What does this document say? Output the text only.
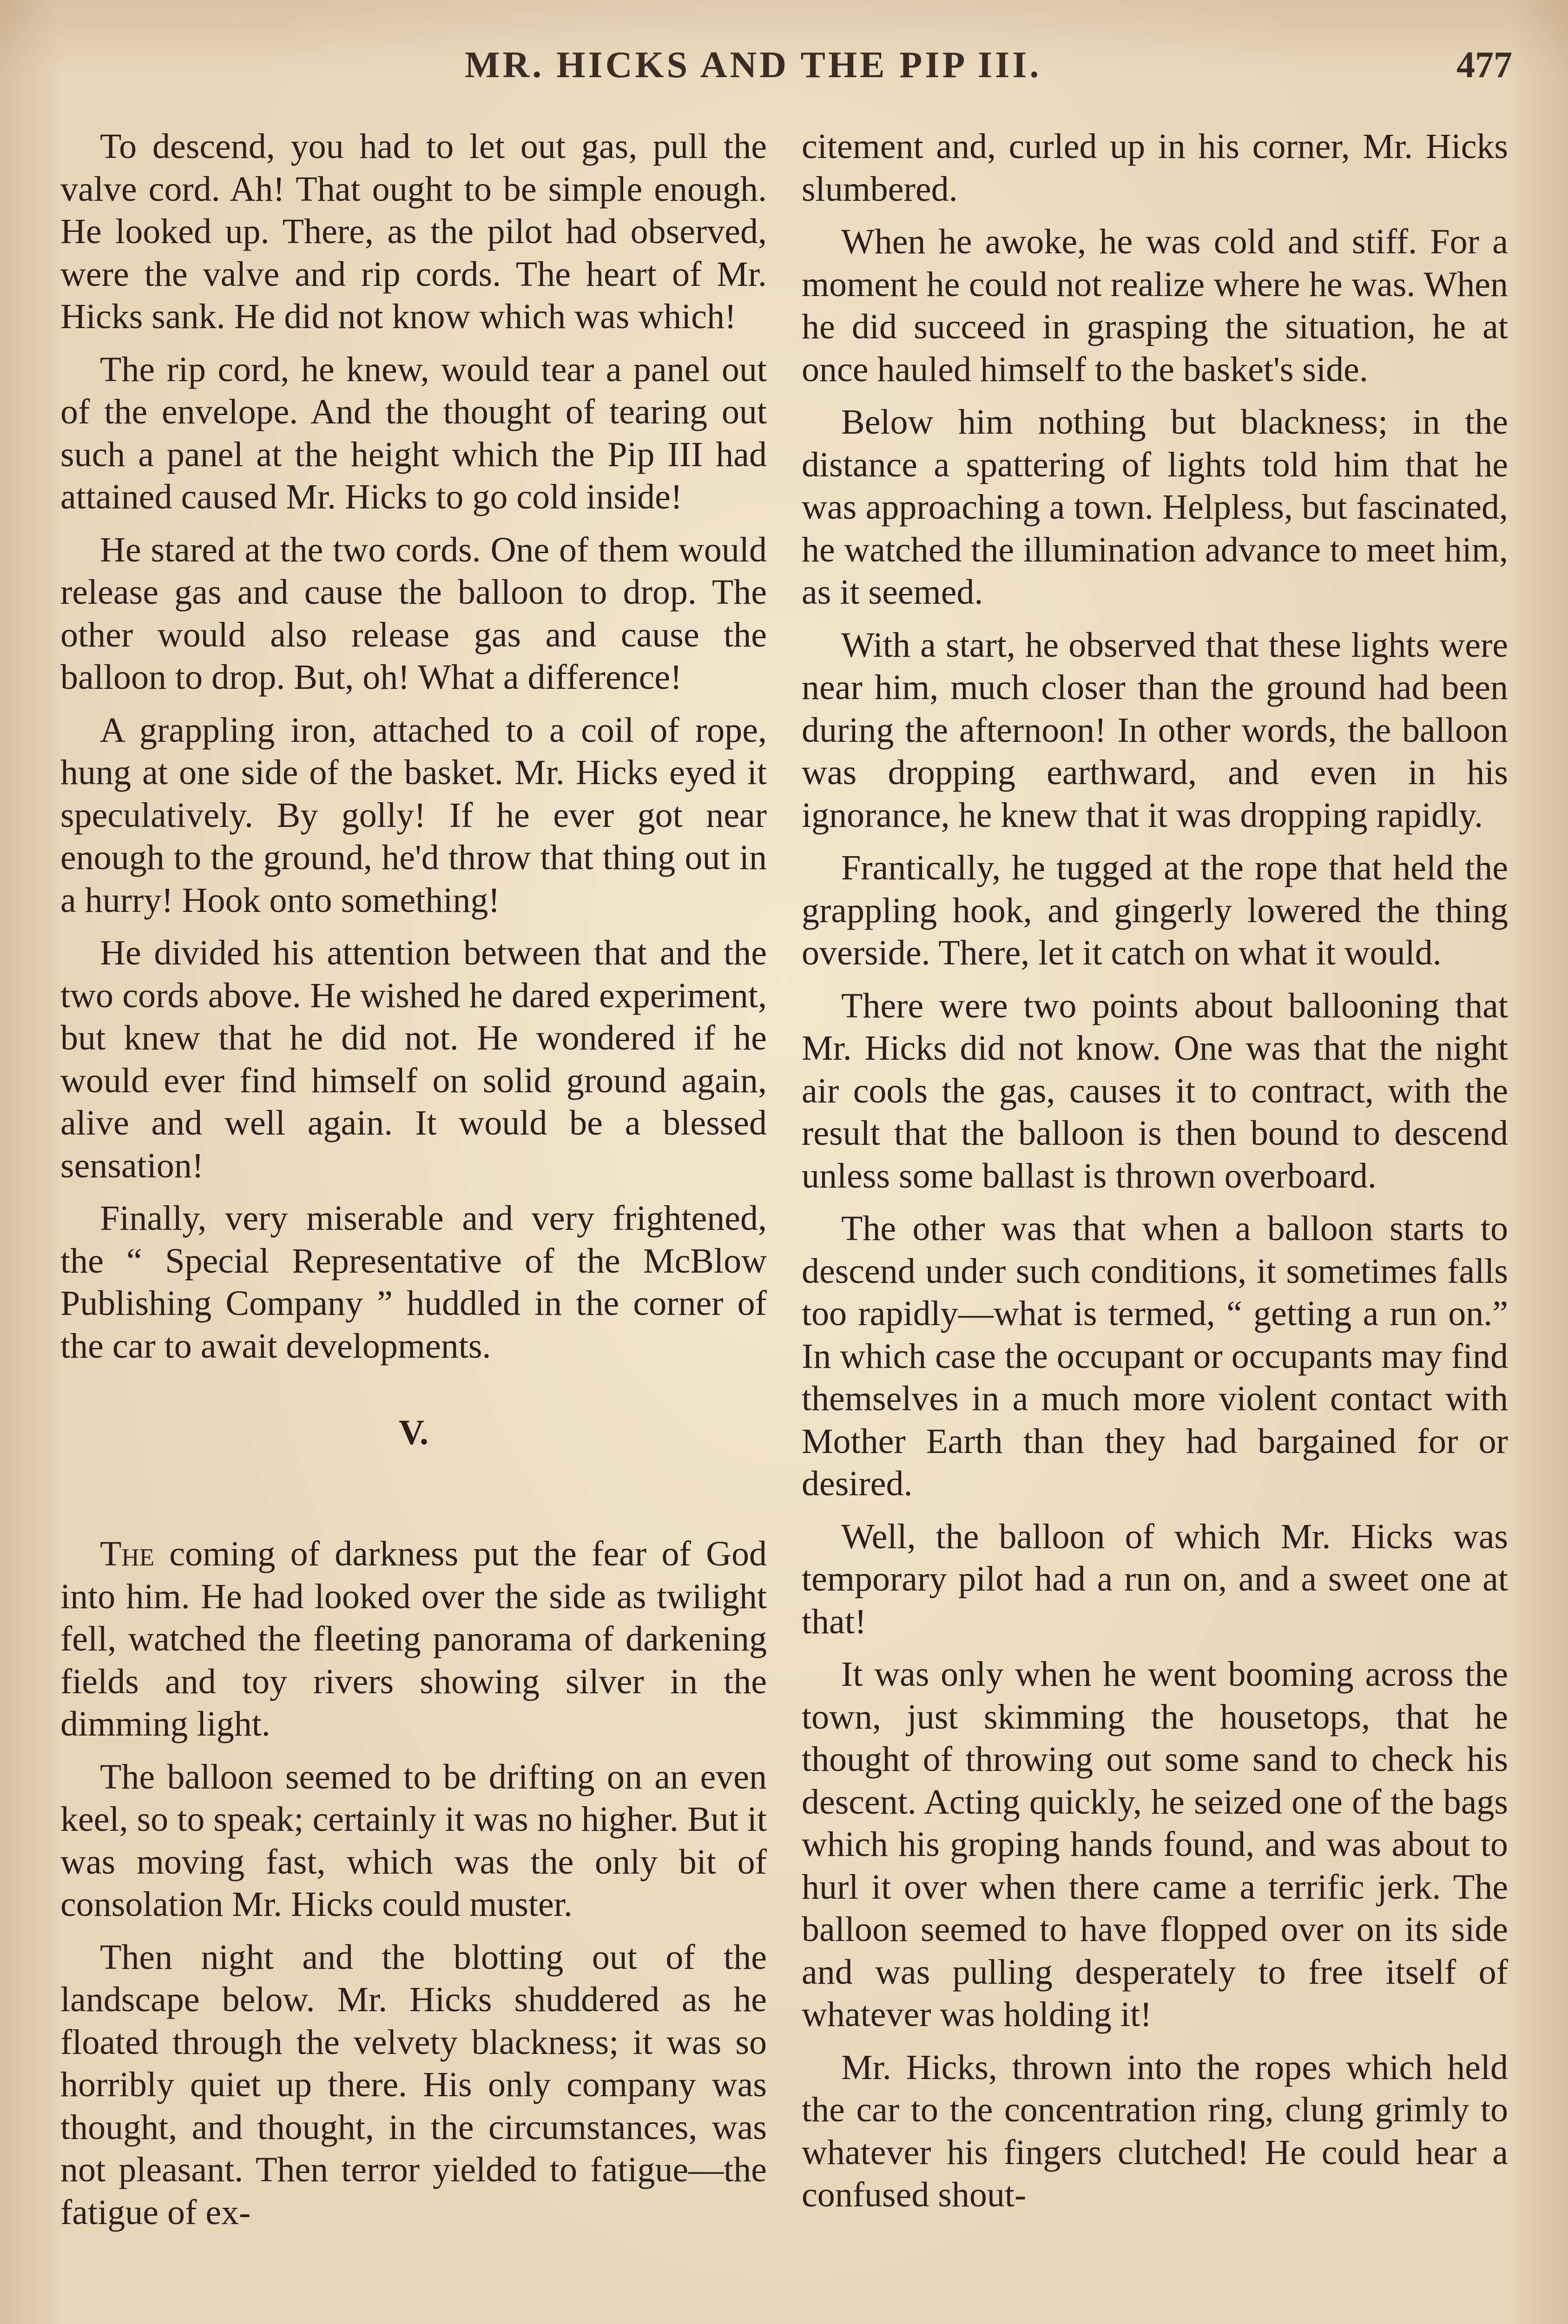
MR. HICKS AND THE PIP III.	477

To descend, you had to let out gas, pull the valve cord. Ah! That ought to be simple enough. He looked up. There, as the pilot had observed, were the valve and rip cords. The heart of Mr. Hicks sank. He did not know which was which!

The rip cord, he knew, would tear a panel out of the envelope. And the thought of tearing out such a panel at the height which the Pip III had attained caused Mr. Hicks to go cold inside!

He stared at the two cords. One of them would release gas and cause the balloon to drop. The other would also release gas and cause the balloon to drop. But, oh! What a difference!

A grappling iron, attached to a coil of rope, hung at one side of the basket. Mr. Hicks eyed it speculatively. By golly! If he ever got near enough to the ground, he'd throw that thing out in a hurry! Hook onto something!

He divided his attention between that and the two cords above. He wished he dared experiment, but knew that he did not. He wondered if he would ever find himself on solid ground again, alive and well again. It would be a blessed sensation!

Finally, very miserable and very frightened, the “ Special Representative of the McBlow Publishing Company ” huddled in the corner of the car to await developments.

V.

The coming of darkness put the fear of God into him. He had looked over the side as twilight fell, watched the fleeting panorama of darkening fields and toy rivers showing silver in the dimming light.

The balloon seemed to be drifting on an even keel, so to speak; certainly it was no higher. But it was moving fast, which was the only bit of consolation Mr. Hicks could muster.

Then night and the blotting out of the landscape below. Mr. Hicks shuddered as he floated through the velvety blackness; it was so horribly quiet up there. His only company was thought, and thought, in the circumstances, was not pleasant. Then terror yielded to fatigue—the fatigue of ex-

citement and, curled up in his corner, Mr. Hicks slumbered.

When he awoke, he was cold and stiff. For a moment he could not realize where he was. When he did succeed in grasping the situation, he at once hauled himself to the basket's side.

Below him nothing but blackness; in the distance a spattering of lights told him that he was approaching a town. Helpless, but fascinated, he watched the illumination advance to meet him, as it seemed.

With a start, he observed that these lights were near him, much closer than the ground had been during the afternoon! In other words, the balloon was dropping earthward, and even in his ignorance, he knew that it was dropping rapidly.

Frantically, he tugged at the rope that held the grappling hook, and gingerly lowered the thing overside. There, let it catch on what it would.

There were two points about ballooning that Mr. Hicks did not know. One was that the night air cools the gas, causes it to contract, with the result that the balloon is then bound to descend unless some ballast is thrown overboard.

The other was that when a balloon starts to descend under such conditions, it sometimes falls too rapidly—what is termed, “ getting a run on.” In which case the occupant or occupants may find themselves in a much more violent contact with Mother Earth than they had bargained for or desired.

Well, the balloon of which Mr. Hicks was temporary pilot had a run on, and a sweet one at that!

It was only when he went booming across the town, just skimming the housetops, that he thought of throwing out some sand to check his descent. Acting quickly, he seized one of the bags which his groping hands found, and was about to hurl it over when there came a terrific jerk. The balloon seemed to have flopped over on its side and was pulling desperately to free itself of whatever was holding it!

Mr. Hicks, thrown into the ropes which held the car to the concentration ring, clung grimly to whatever his fingers clutched! He could hear a confused shout-
